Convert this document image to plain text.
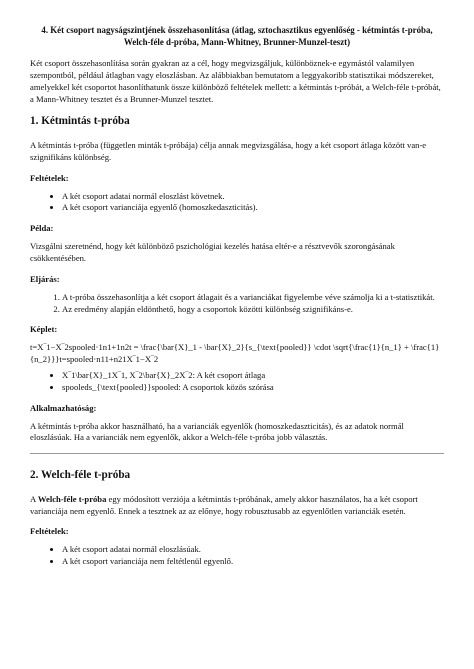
4. Két csoport nagyságszintjének összehasonlítása (átlag, sztochasztikus egyenlőség - kétmintás t-próba, Welch-féle d-próba, Mann-Whitney, Brunner-Munzel-teszt)

Két csoport összehasonlítása során gyakran az a cél, hogy megvizsgáljuk, különböznek-e egymástól valamilyen szempontból, például átlagban vagy eloszlásban. Az alábbiakban bemutatom a leggyakoribb statisztikai módszereket, amelyekkel két csoportot hasonlíthatunk össze különböző feltételek mellett: a kétmintás t-próbát, a Welch-féle t-próbát, a Mann-Whitney tesztet és a Brunner-Munzel tesztet.

1. Kétmintás t-próba

A kétmintás t-próba (független minták t-próbája) célja annak megvizsgálása, hogy a két csoport átlaga között van-e szignifikáns különbség.

Feltételek:
• A két csoport adatai normál eloszlást követnek.
• A két csoport varianciája egyenlő (homoszkedaszticitás).
Példa:

Vizsgálni szeretnénd, hogy két különböző pszichológiai kezelés hatása eltér-e a résztvevők szorongásának csökkentésében.

Eljárás:
1. A t-próba összehasonlítja a két csoport átlagait és a varianciákat figyelembe véve számolja ki a t-statisztikát.
2. Az eredmény alapján eldönthető, hogy a csoportok közötti különbség szignifikáns-e.
Képlet:
t=X‾1−X‾2spooled⋅1n1+1n2t = \frac{\bar{X}_1 - \bar{X}_2}{s_{\text{pooled}} \cdot \sqrt{\frac{1}{n_1} + \frac{1}{n_2}}}t=spooled⋅n11+n21X‾1−X‾2
• X‾1\bar{X}_1X‾1, X‾2\bar{X}_2X‾2: A két csoport átlaga
• spooleds_{\text{pooled}}spooled: A csoportok közös szórása
Alkalmazhatóság:

A kétmintás t-próba akkor használható, ha a varianciák egyenlők (homoszkedaszticitás), és az adatok normál eloszlásúak. Ha a varianciák nem egyenlők, akkor a Welch-féle t-próba jobb választás.

2. Welch-féle t-próba

A Welch-féle t-próba egy módosított verziója a kétmintás t-próbának, amely akkor használatos, ha a két csoport varianciája nem egyenlő. Ennek a tesztnek az az előnye, hogy robusztusabb az egyenlőtlen varianciák esetén.

Feltételek:
• A két csoport adatai normál eloszlásúak.
• A két csoport varianciája nem feltétlenül egyenlő.
